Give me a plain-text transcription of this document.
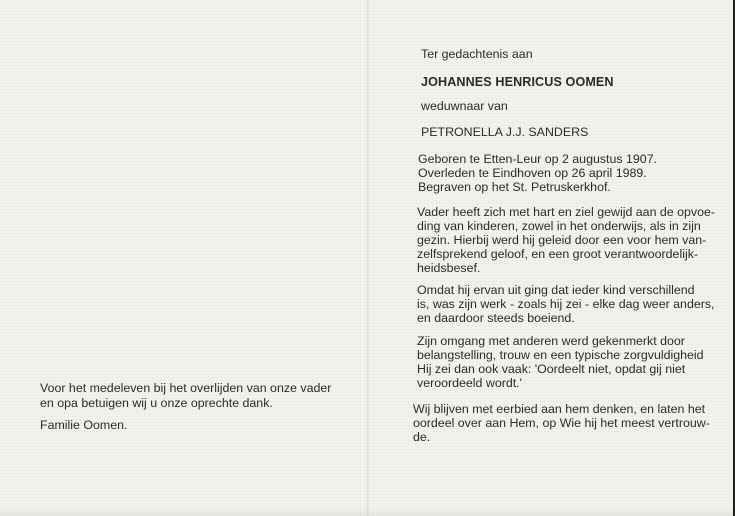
Voor het medeleven bij het overlijden van onze vader
en opa betuigen wij u onze oprechte dank.
Familie Oomen.
Ter gedachtenis aan
JOHANNES HENRICUS OOMEN
weduwnaar van
PETRONELLA J.J. SANDERS
Geboren te Etten-Leur op 2 augustus 1907.
Overleden te Eindhoven op 26 april 1989.
Begraven op het St. Petruskerkhof.
Vader heeft zich met hart en ziel gewijd aan de opvoe-
ding van kinderen, zowel in het onderwijs, als in zijn
gezin. Hierbij werd hij geleid door een voor hem van-
zelfsprekend geloof, en een groot verantwoordelijk-
heidsbesef.
Omdat hij ervan uit ging dat ieder kind verschillend
is, was zijn werk - zoals hij zei - elke dag weer anders,
en daardoor steeds boeiend.
Zijn omgang met anderen werd gekenmerkt door
belangstelling, trouw en een typische zorgvuldigheid
Hij zei dan ook vaak: 'Oordeelt niet, opdat gij niet
veroordeeld wordt.'
Wij blijven met eerbied aan hem denken, en laten het
oordeel over aan Hem, op Wie hij het meest vertrouw-
de.
